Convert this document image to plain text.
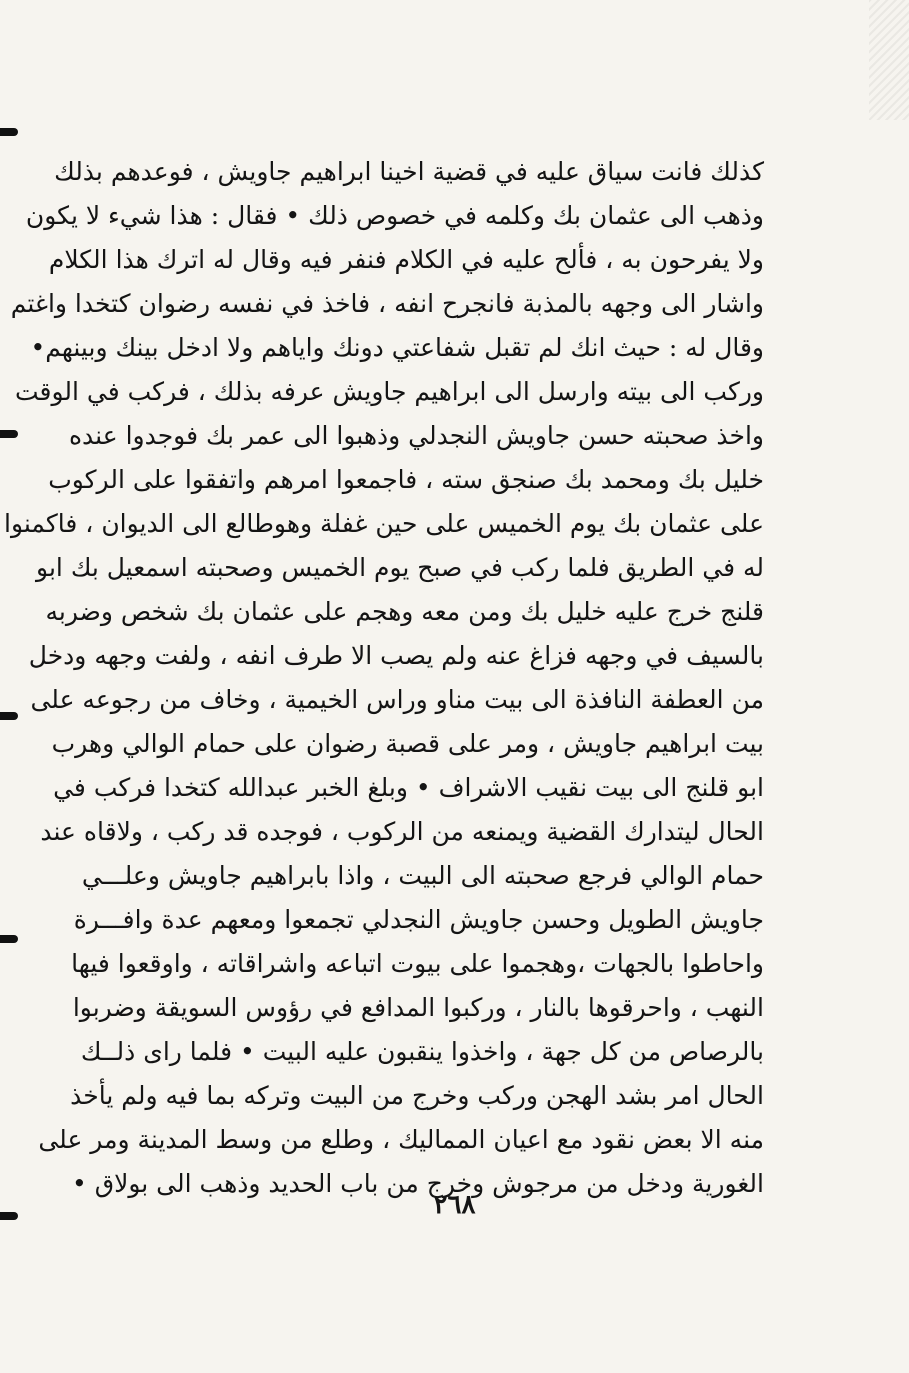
كذلك فانت سياق عليه في قضية اخينا ابراهيم جاويش ، فوعدهم بذلك
وذهب الى عثمان بك وكلمه في خصوص ذلك • فقال : هذا شيء لا يكون
ولا يفرحون به ، فألح عليه في الكلام فنفر فيه وقال له اترك هذا الكلام
واشار الى وجهه بالمذبة فانجرح انفه ، فاخذ في نفسه رضوان كتخدا واغتم
وقال له : حيث انك لم تقبل شفاعتي دونك واياهم ولا ادخل بينك وبينهم•
وركب الى بيته وارسل الى ابراهيم جاويش عرفه بذلك ، فركب في الوقت
واخذ صحبته حسن جاويش النجدلي وذهبوا الى عمر بك فوجدوا عنده
خليل بك ومحمد بك صنجق سته ، فاجمعوا امرهم واتفقوا على الركوب
على عثمان بك يوم الخميس على حين غفلة وهوطالع الى الديوان ، فاكمنوا
له في الطريق فلما ركب في صبح يوم الخميس وصحبته اسمعيل بك ابو
قلنج خرج عليه خليل بك ومن معه وهجم على عثمان بك شخص وضربه
بالسيف في وجهه فزاغ عنه ولم يصب الا طرف انفه ، ولفت وجهه ودخل
من العطفة النافذة الى بيت مناو وراس الخيمية ، وخاف من رجوعه على
بيت ابراهيم جاويش ، ومر على قصبة رضوان على حمام الوالي وهرب
ابو قلنج الى بيت نقيب الاشراف • وبلغ الخبر عبدالله كتخدا فركب في
الحال ليتدارك القضية ويمنعه من الركوب ، فوجده قد ركب ، ولاقاه عند
حمام الوالي فرجع صحبته الى البيت ، واذا بابراهيم جاويش وعلـــي
جاويش الطويل وحسن جاويش النجدلي تجمعوا ومعهم عدة وافـــرة
واحاطوا بالجهات ،وهجموا على بيوت اتباعه واشراقاته ، واوقعوا فيها
النهب ، واحرقوها بالنار ، وركبوا المدافع في رؤوس السويقة وضربوا
بالرصاص من كل جهة ، واخذوا ينقبون عليه البيت • فلما راى ذلــك
الحال امر بشد الهجن وركب وخرج من البيت وتركه بما فيه ولم يأخذ
منه الا بعض نقود مع اعيان المماليك ، وطلع من وسط المدينة ومر على
الغورية ودخل من مرجوش وخرج من باب الحديد وذهب الى بولاق •
٢٦٨
